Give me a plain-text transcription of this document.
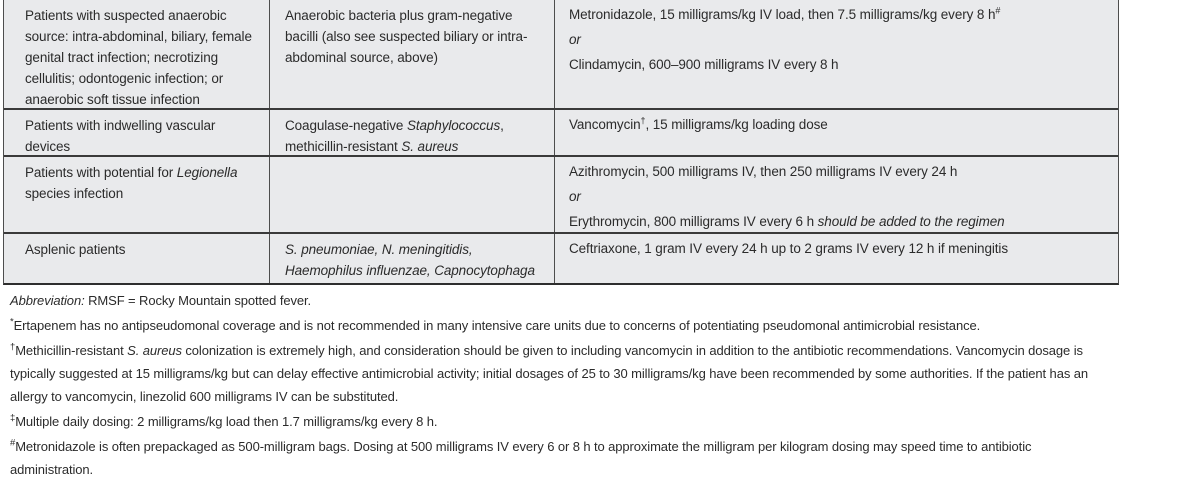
Patients with suspected anaerobic source: intra-abdominal, biliary, female genital tract infection; necrotizing cellulitis; odontogenic infection; or anaerobic soft tissue infection
Anaerobic bacteria plus gram-negative bacilli (also see suspected biliary or intra-abdominal source, above)
Metronidazole, 15 milligrams/kg IV load, then 7.5 milligrams/kg every 8 h#
or
Clindamycin, 600–900 milligrams IV every 8 h
Patients with indwelling vascular devices
Coagulase-negative Staphylococcus, methicillin-resistant S. aureus
Vancomycin†, 15 milligrams/kg loading dose
Patients with potential for Legionella species infection
Azithromycin, 500 milligrams IV, then 250 milligrams IV every 24 h
or
Erythromycin, 800 milligrams IV every 6 h should be added to the regimen
Asplenic patients	S. pneumoniae, N. meningitidis, Haemophilus influenzae, Capnocytophaga
Ceftriaxone, 1 gram IV every 24 h up to 2 grams IV every 12 h if meningitis

Abbreviation: RMSF = Rocky Mountain spotted fever.

*Ertapenem has no antipseudomonal coverage and is not recommended in many intensive care units due to concerns of potentiating pseudomonal antimicrobial resistance.

†Methicillin-resistant S. aureus colonization is extremely high, and consideration should be given to including vancomycin in addition to the antibiotic recommendations. Vancomycin dosage is typically suggested at 15 milligrams/kg but can delay effective antimicrobial activity; initial dosages of 25 to 30 milligrams/kg have been recommended by some authorities. If the patient has an allergy to vancomycin, linezolid 600 milligrams IV can be substituted.

‡Multiple daily dosing: 2 milligrams/kg load then 1.7 milligrams/kg every 8 h.

#Metronidazole is often prepackaged as 500-milligram bags. Dosing at 500 milligrams IV every 6 or 8 h to approximate the milligram per kilogram dosing may speed time to antibiotic administration.
